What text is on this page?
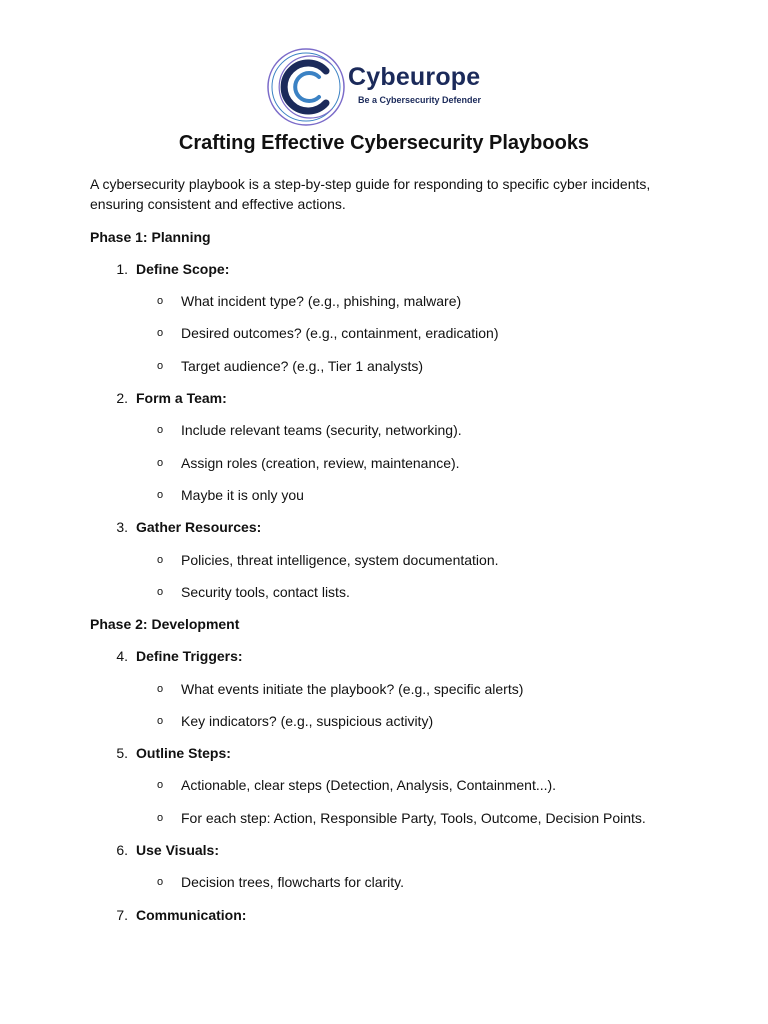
Cybeurope
Be a Cybersecurity Defender
Crafting Effective Cybersecurity Playbooks
A cybersecurity playbook is a step-by-step guide for responding to specific cyber incidents, ensuring consistent and effective actions.
Phase 1: Planning
1. Define Scope:
o What incident type? (e.g., phishing, malware)
o Desired outcomes? (e.g., containment, eradication)
o Target audience? (e.g., Tier 1 analysts)
2. Form a Team:
o Include relevant teams (security, networking).
o Assign roles (creation, review, maintenance).
o Maybe it is only you
3. Gather Resources:
o Policies, threat intelligence, system documentation.
o Security tools, contact lists.
Phase 2: Development
4. Define Triggers:
o What events initiate the playbook? (e.g., specific alerts)
o Key indicators? (e.g., suspicious activity)
5. Outline Steps:
o Actionable, clear steps (Detection, Analysis, Containment...).
o For each step: Action, Responsible Party, Tools, Outcome, Decision Points.
6. Use Visuals:
o Decision trees, flowcharts for clarity.
7. Communication:
